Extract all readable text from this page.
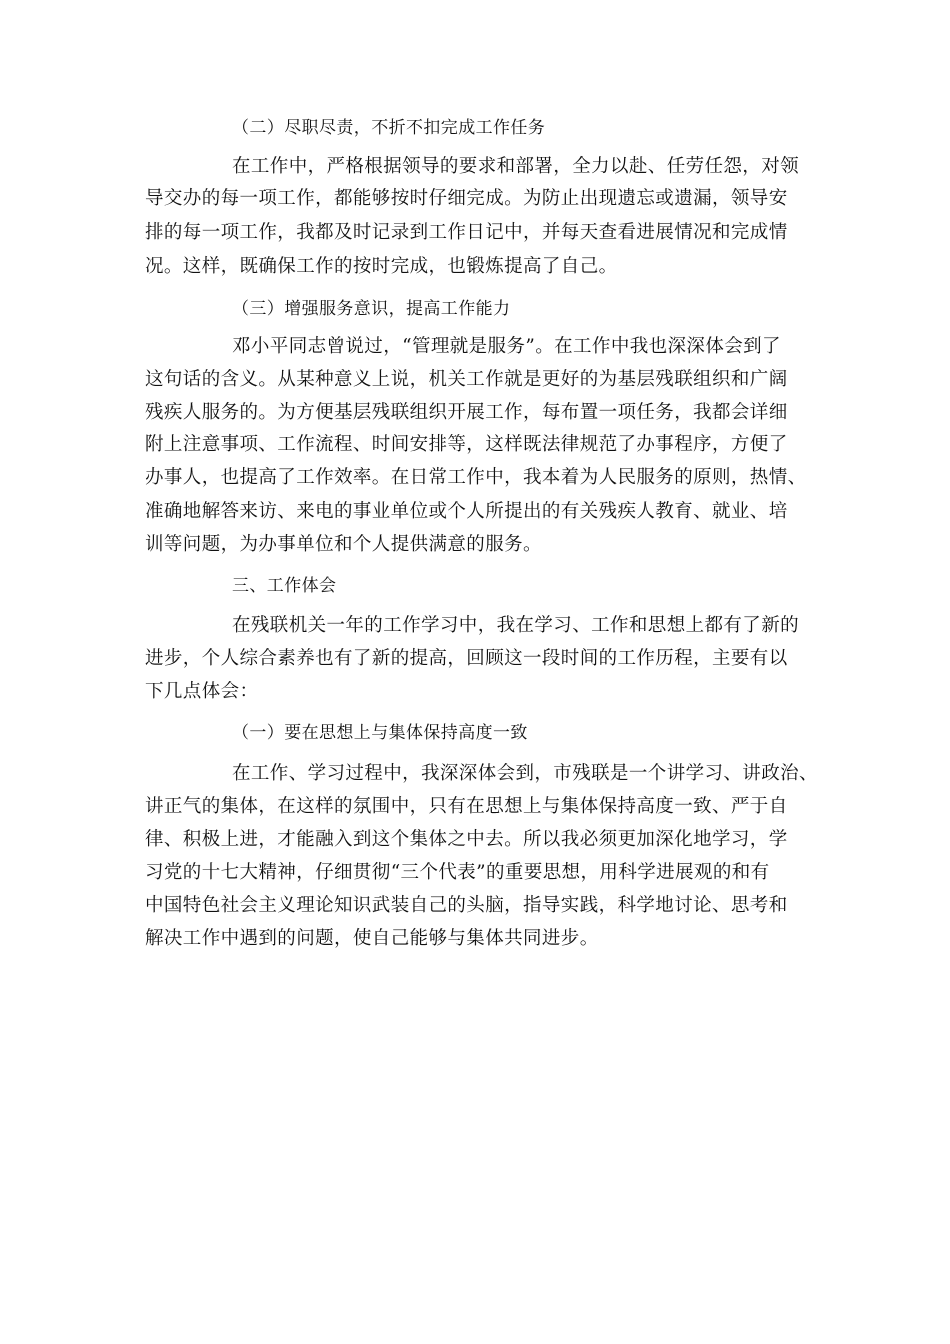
（二）尽职尽责，不折不扣完成工作任务
在工作中，严格根据领导的要求和部署，全力以赴、任劳任怨，对领
导交办的每一项工作，都能够按时仔细完成。为防止出现遗忘或遗漏，领导安
排的每一项工作，我都及时记录到工作日记中，并每天查看进展情况和完成情
况。这样，既确保工作的按时完成，也锻炼提高了自己。
（三）增强服务意识，提高工作能力
邓小平同志曾说过，“管理就是服务”。在工作中我也深深体会到了
这句话的含义。从某种意义上说，机关工作就是更好的为基层残联组织和广阔
残疾人服务的。为方便基层残联组织开展工作，每布置一项任务，我都会详细
附上注意事项、工作流程、时间安排等，这样既法律规范了办事程序，方便了
办事人，也提高了工作效率。在日常工作中，我本着为人民服务的原则，热情、
准确地解答来访、来电的事业单位或个人所提出的有关残疾人教育、就业、培
训等问题，为办事单位和个人提供满意的服务。
三、工作体会
在残联机关一年的工作学习中，我在学习、工作和思想上都有了新的
进步，个人综合素养也有了新的提高，回顾这一段时间的工作历程，主要有以
下几点体会：
（一）要在思想上与集体保持高度一致
在工作、学习过程中，我深深体会到，市残联是一个讲学习、讲政治、
讲正气的集体，在这样的氛围中，只有在思想上与集体保持高度一致、严于自
律、积极上进，才能融入到这个集体之中去。所以我必须更加深化地学习，学
习党的十七大精神，仔细贯彻“三个代表”的重要思想，用科学进展观的和有
中国特色社会主义理论知识武装自己的头脑，指导实践，科学地讨论、思考和
解决工作中遇到的问题，使自己能够与集体共同进步。
